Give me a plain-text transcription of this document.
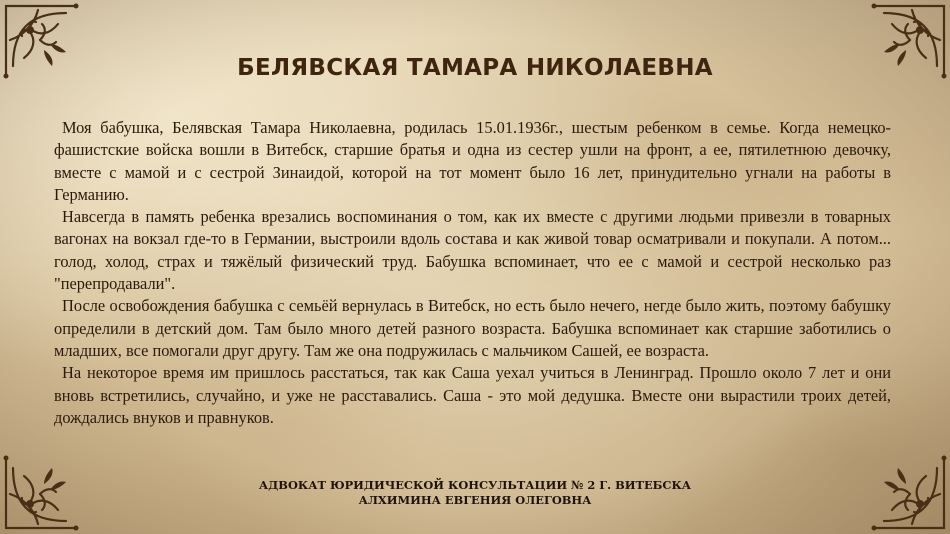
БЕЛЯВСКАЯ ТАМАРА НИКОЛАЕВНА

Моя бабушка, Белявская Тамара Николаевна, родилась 15.01.1936г., шестым ребенком в семье. Когда немецко-фашистские войска вошли в Витебск, старшие братья и одна из сестер ушли на фронт, а ее, пятилетнюю девочку, вместе с мамой и с сестрой Зинаидой, которой на тот момент было 16 лет, принудительно угнали на работы в Германию.

Навсегда в память ребенка врезались воспоминания о том, как их вместе с другими людьми привезли в товарных вагонах на вокзал где-то в Германии, выстроили вдоль состава и как живой товар осматривали и покупали. А потом... голод, холод, страх и тяжёлый физический труд. Бабушка вспоминает, что ее с мамой и сестрой несколько раз "перепродавали".

После освобождения бабушка с семьёй вернулась в Витебск, но есть было нечего, негде было жить, поэтому бабушку определили в детский дом. Там было много детей разного возраста. Бабушка вспоминает как старшие заботились о младших, все помогали друг другу. Там же она подружилась с мальчиком Сашей, ее возраста.

На некоторое время им пришлось расстаться, так как Саша уехал учиться в Ленинград. Прошло около 7 лет и они вновь встретились, случайно, и уже не расставались. Саша - это мой дедушка. Вместе они вырастили троих детей, дождались внуков и правнуков.

АДВОКАТ ЮРИДИЧЕСКОЙ КОНСУЛЬТАЦИИ № 2 Г. ВИТЕБСКА
АЛХИМИНА ЕВГЕНИЯ ОЛЕГОВНА
